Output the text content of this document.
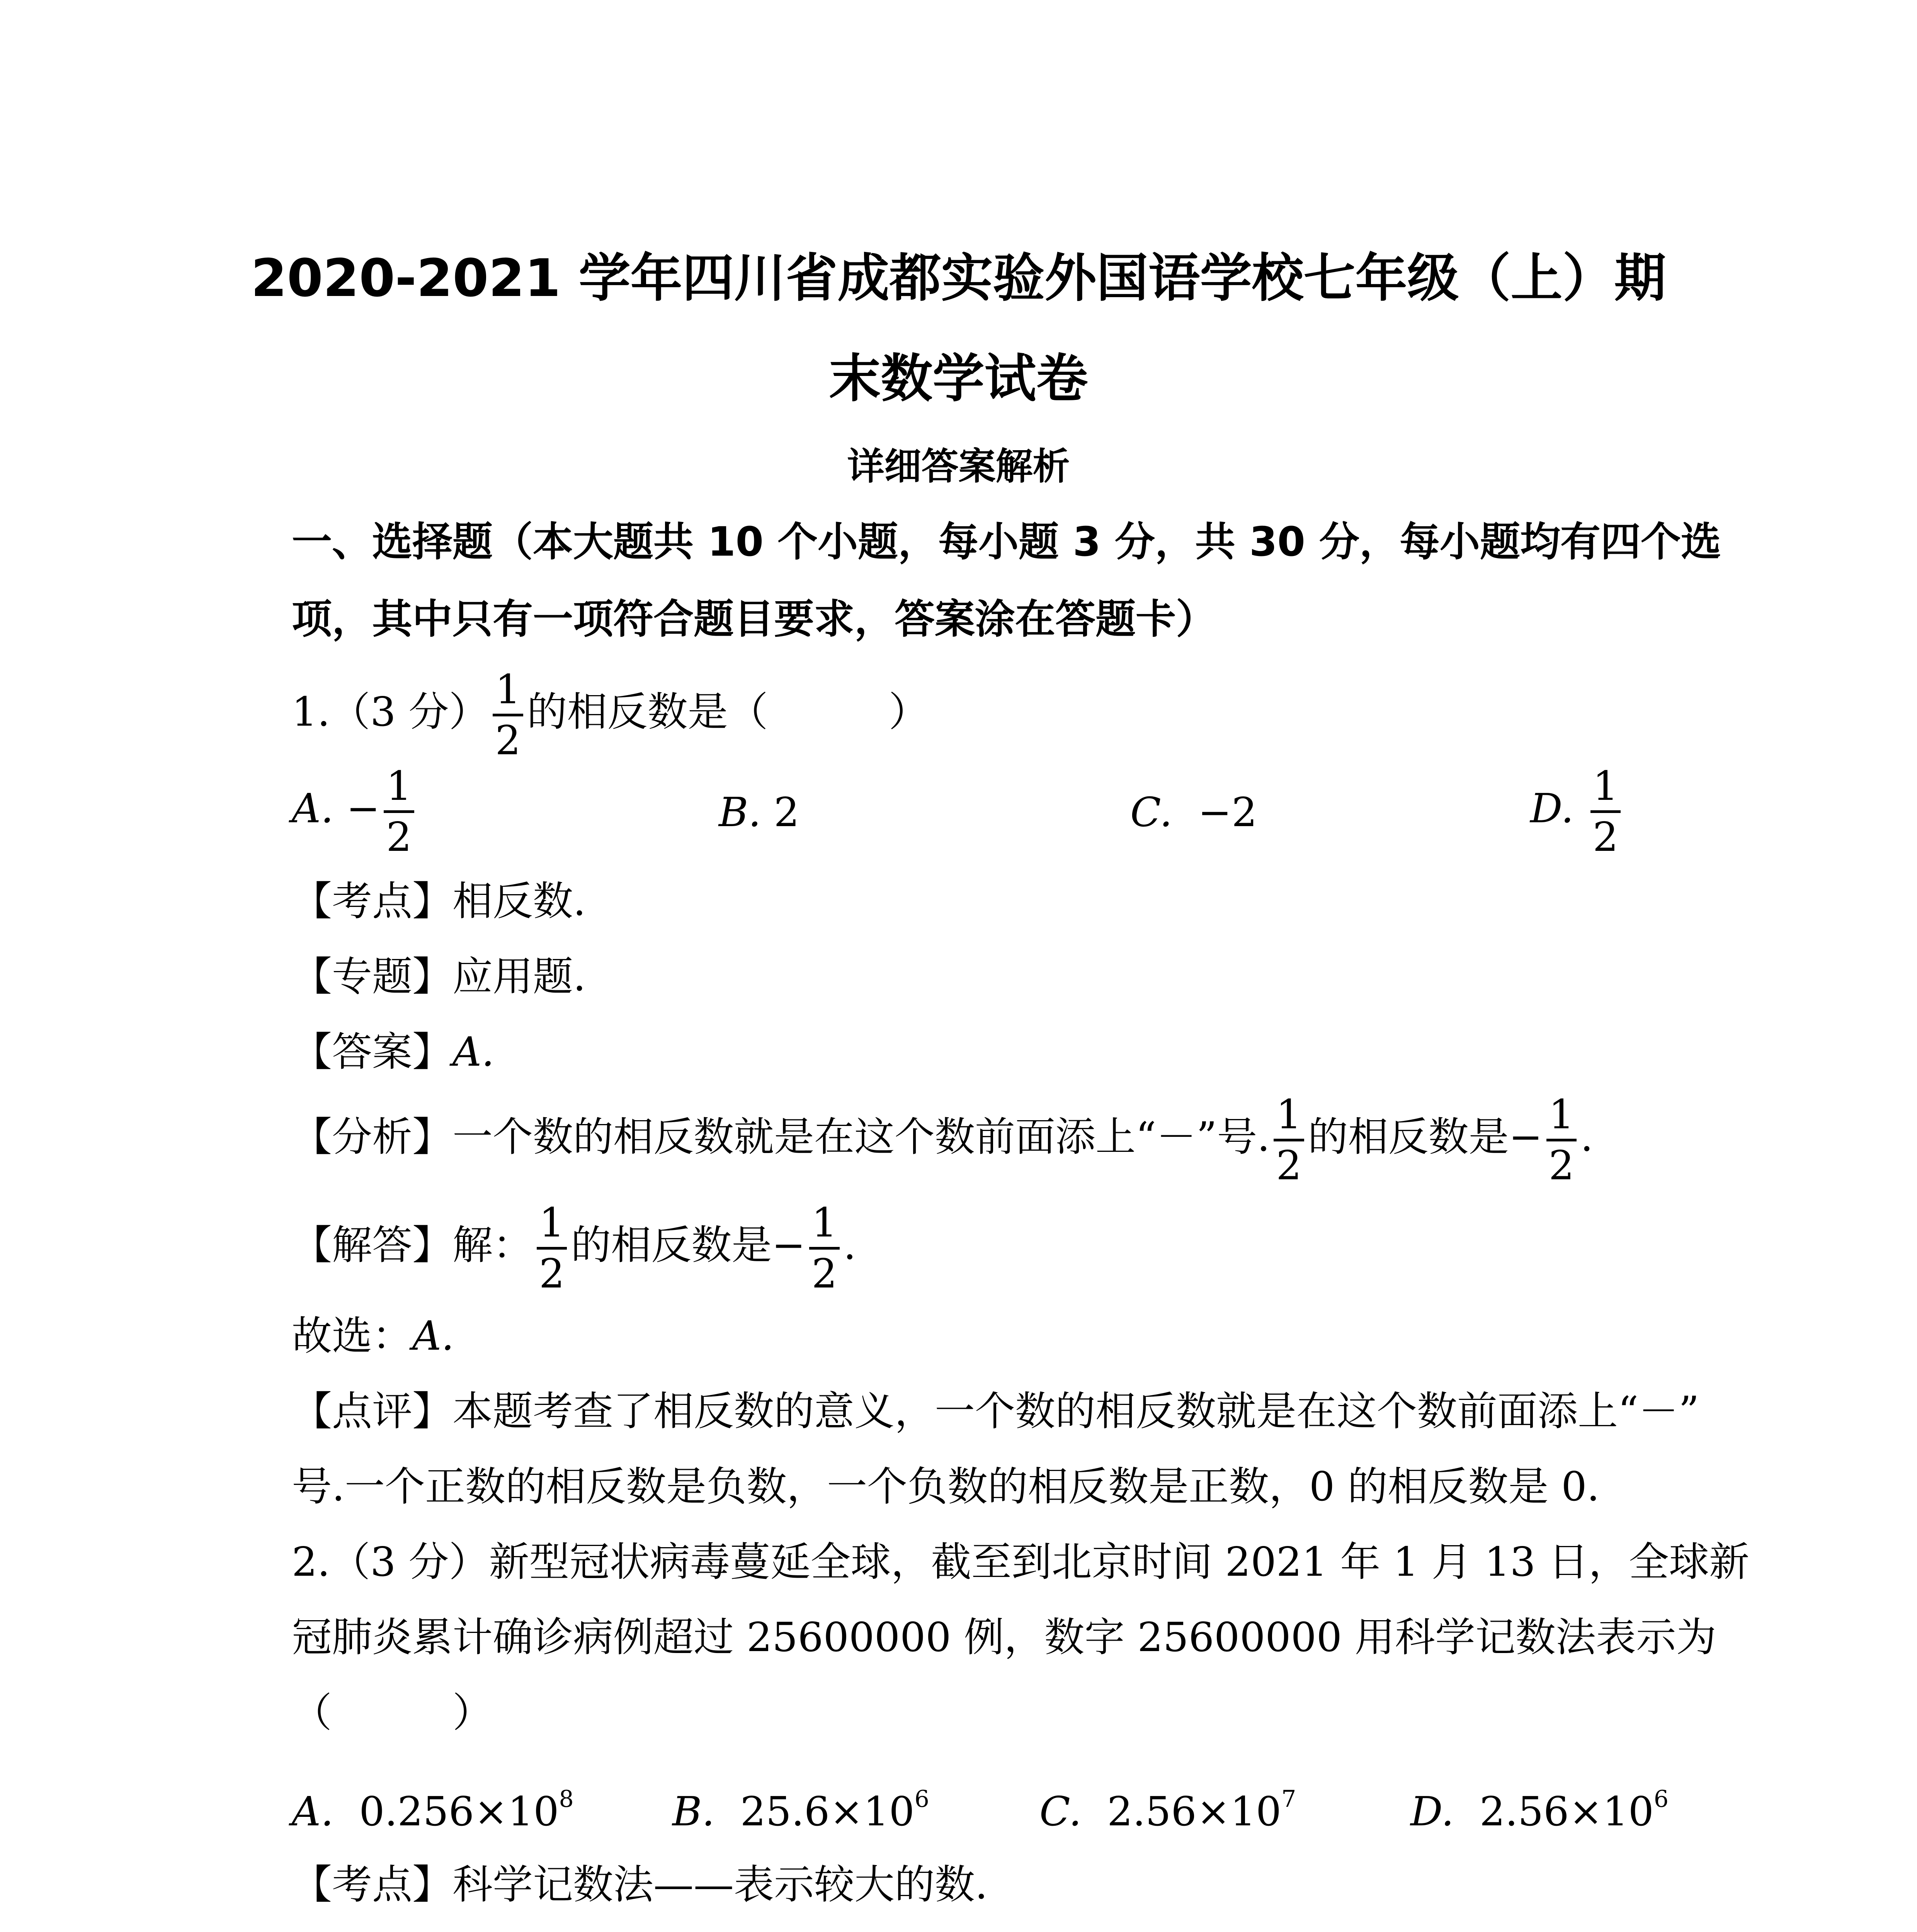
2020-2021 学年四川省成都实验外国语学校七年级（上）期
末数学试卷
详细答案解析
一、选择题（本大题共 10 个小题，每小题 3 分，共 30 分，每小题均有四个选
项，其中只有一项符合题目要求，答案涂在答题卡）
1.（3 分） $\frac{1}{2}$ 的相反数是（　　　）
A. − $\frac{1}{2}$	B. 2	C. −2	D. $\frac{1}{2}$
【考点】相反数.
【专题】应用题.
【答案】A.
【分析】一个数的相反数就是在这个数前面添上“－”号. $\frac{1}{2}$ 的相反数是− $\frac{1}{2}$ .
【解答】解： $\frac{1}{2}$ 的相反数是− $\frac{1}{2}$ .
故选：A.
【点评】本题考查了相反数的意义，一个数的相反数就是在这个数前面添上“－”
号.一个正数的相反数是负数，一个负数的相反数是正数，0 的相反数是 0.
2.（3 分）新型冠状病毒蔓延全球，截至到北京时间 2021 年 1 月 13 日，全球新
冠肺炎累计确诊病例超过 25600000 例，数字 25600000 用科学记数法表示为
（　　　）
A. $0.256\times 10^8$ B. $25.6\times 10^6$	C. $2.56\times 10^7$	D. $2.56\times 10^6$
【考点】科学记数法——表示较大的数.
